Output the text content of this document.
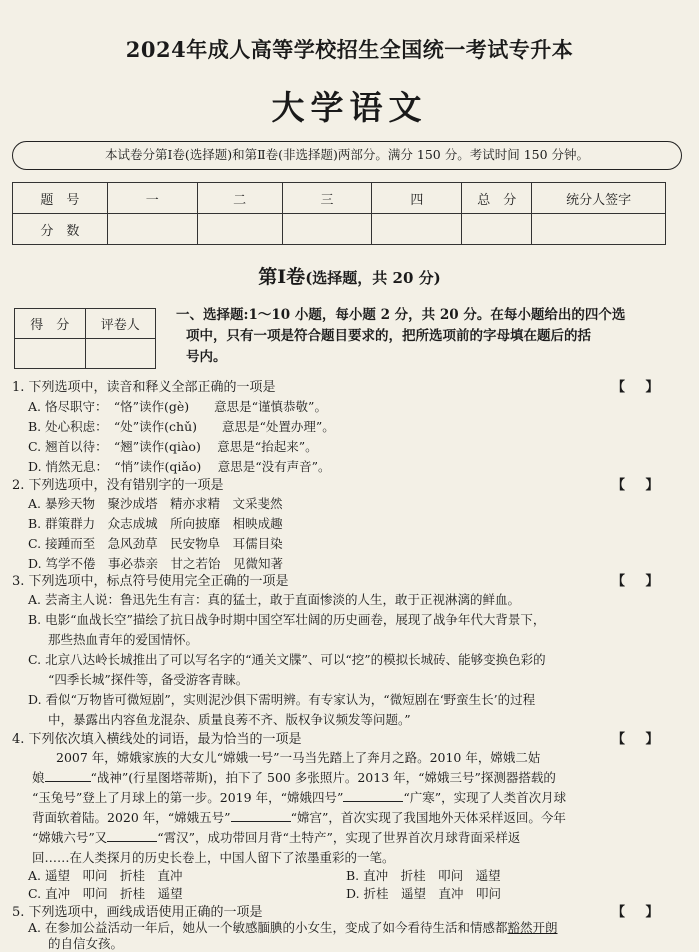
2024年成人高等学校招生全国统一考试专升本
大学语文
本试卷分第Ⅰ卷(选择题)和第Ⅱ卷(非选择题)两部分。满分 150 分。考试时间 150 分钟。
题　号	一	二	三	四	总　分	统分人签字
分　数						
第Ⅰ卷(选择题，共 20 分)
得　分	评卷人

一、选择题:1～10 小题，每小题 2 分，共 20 分。在每小题给出的四个选
项中，只有一项是符合题目要求的，把所选项前的字母填在题后的括
号内。
1. 下列选项中，读音和释义全部正确的一项是	【　 】
A. 恪尽职守：　“恪”读作(gè)　　意思是“谨慎恭敬”。
B. 处心积虑：　“处”读作(chǔ)　　意思是“处置办理”。
C. 翘首以待：　“翘”读作(qiào)　 意思是“抬起来”。
D. 悄然无息：　“悄”读作(qiǎo)　 意思是“没有声音”。
2. 下列选项中，没有错别字的一项是	【　 】
A. 暴殄天物　聚沙成塔　精亦求精　文采斐然
B. 群策群力　众志成城　所向披靡　相映成趣
C. 接踵而至　急风劲草　民安物阜　耳儒目染
D. 笃学不倦　事必恭亲　甘之若饴　见微知著
3. 下列选项中，标点符号使用完全正确的一项是	【　 】
A. 芸斋主人说：鲁迅先生有言：真的猛士，敢于直面惨淡的人生，敢于正视淋漓的鲜血。
B. 电影“血战长空”描绘了抗日战争时期中国空军壮阔的历史画卷，展现了战争年代大背景下，
那些热血青年的爱国情怀。
C. 北京八达岭长城推出了可以写名字的“通关文牒”、可以“挖”的模拟长城砖、能够变换色彩的
“四季长城”探件等，备受游客青睐。
D. 看似“万物皆可微短剧”，实则泥沙俱下需明辨。有专家认为，“微短剧在‘野蛮生长’的过程
中，暴露出内容鱼龙混杂、质量良莠不齐、版权争议频发等问题。”
4. 下列依次填入横线处的词语，最为恰当的一项是	【　 】
2007 年，嫦娥家族的大女儿“嫦娥一号”一马当先踏上了奔月之路。2010 年，嫦娥二姑
娘	“战神”(行星图塔蒂斯)，拍下了 500 多张照片。2013 年，“嫦娥三号”探测器搭载的
“玉兔号”登上了月球上的第一步。2019 年，“嫦娥四号”	“广寒”，实现了人类首次月球
背面软着陆。2020 年，“嫦娥五号”	“嫦宫”，首次实现了我国地外天体采样返回。今年
“嫦娥六号”又	“霄汉”，成功带回月背“土特产”，实现了世界首次月球背面采样返
回……在人类探月的历史长卷上，中国人留下了浓墨重彩的一笔。
A. 遥望　叩问　折桂　直冲	B. 直冲　折桂　叩问　遥望
C. 直冲　叩问　折桂　遥望	D. 折桂　遥望　直冲　叩问
5. 下列选项中，画线成语使用正确的一项是	【　 】
A. 在参加公益活动一年后，她从一个敏感腼腆的小女生，变成了如今看待生活和情感都豁然开朗
的自信女孩。
